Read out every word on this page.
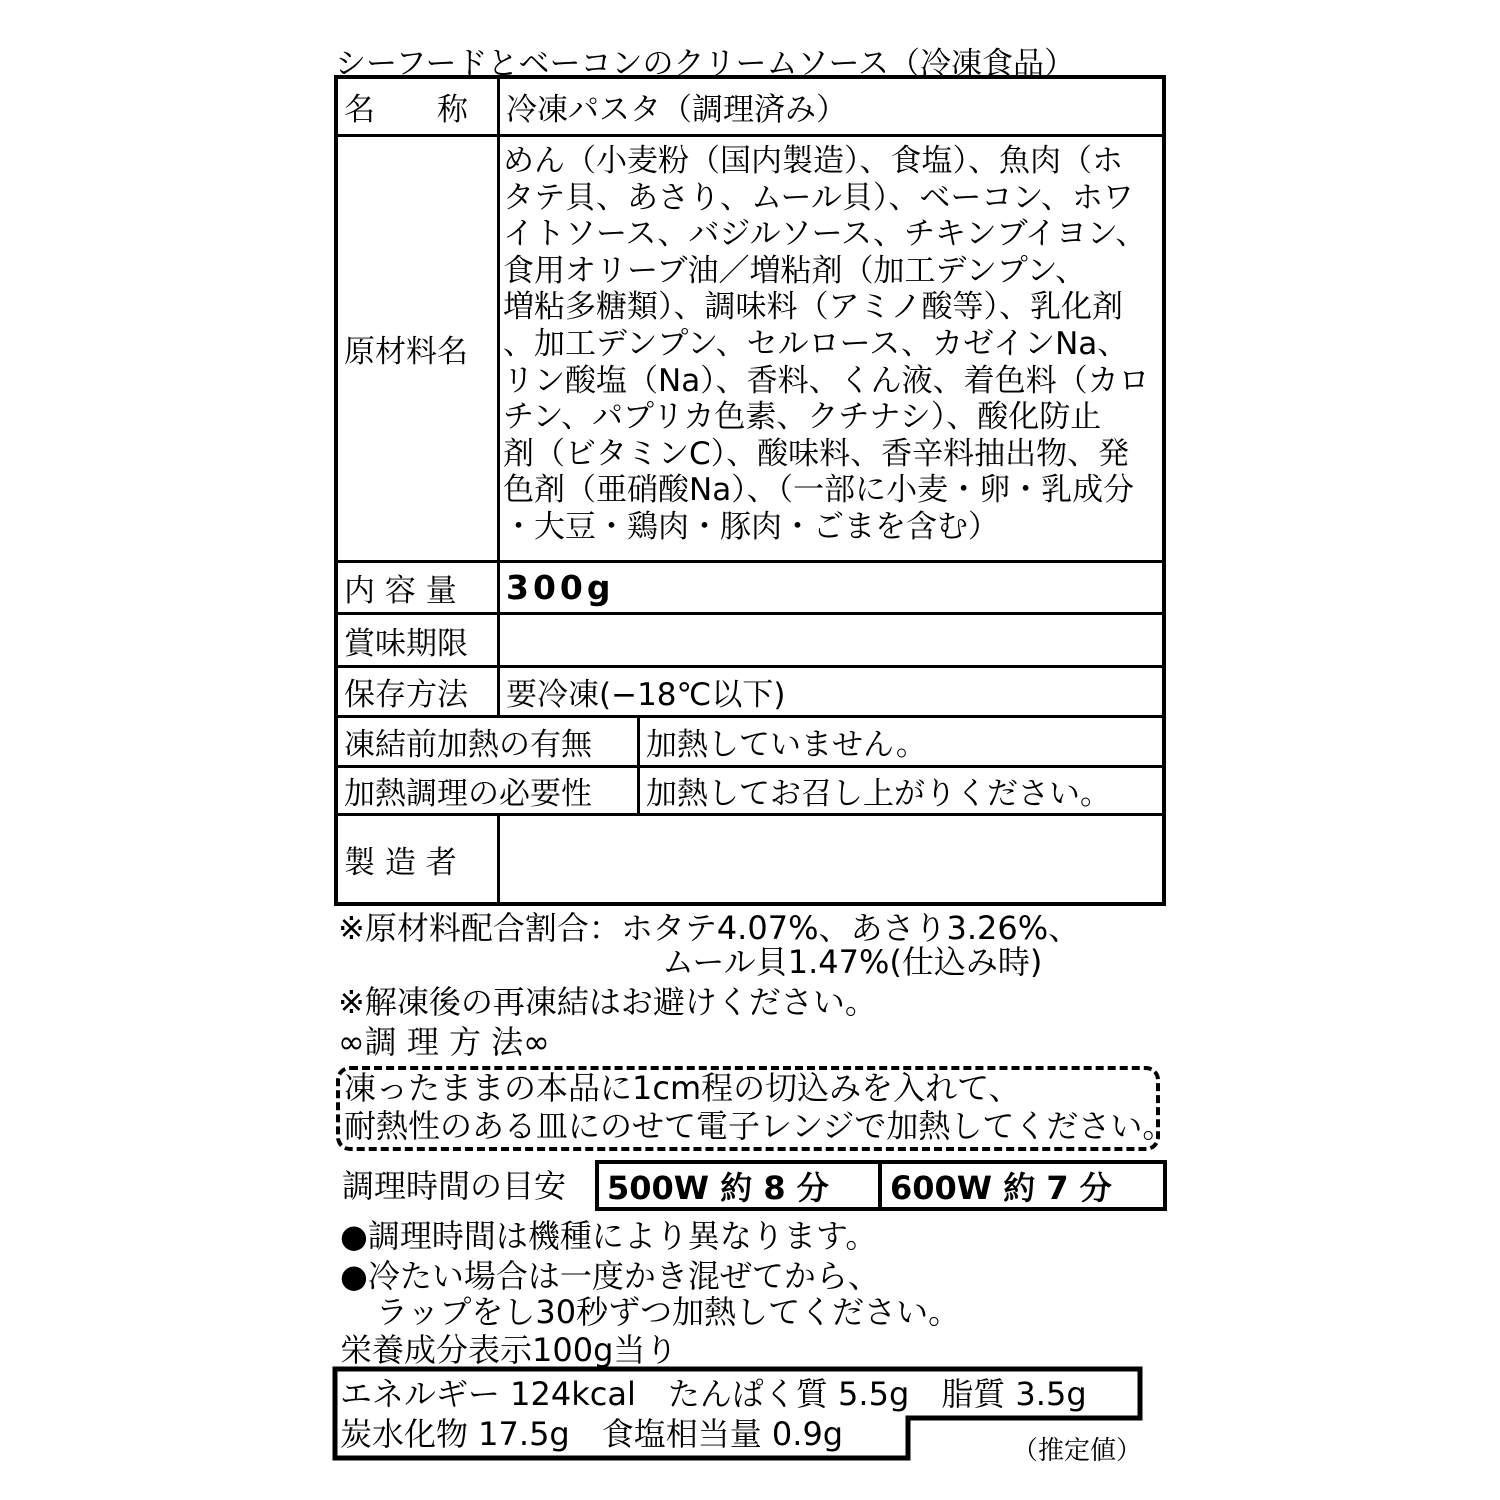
シーフードとベーコンのクリームソース（冷凍食品）
名　　称	冷凍パスタ（調理済み）
原材料名
めん（小麦粉（国内製造）、食塩）、魚肉（ホ
タテ貝、あさり、ムール貝）、ベーコン、ホワ
イトソース、バジルソース、チキンブイヨン、
食用オリーブ油／増粘剤（加工デンプン、
増粘多糖類）、調味料（アミノ酸等）、乳化剤
、加工デンプン、セルロース、カゼインNa、
リン酸塩（Na）、香料、くん液、着色料（カロ
チン、パプリカ色素、クチナシ）、酸化防止
剤（ビタミンC）、酸味料、香辛料抽出物、発
色剤（亜硝酸Na）、（一部に小麦・卵・乳成分
・大豆・鶏肉・豚肉・ごまを含む）
内 容 量	300g
賞味期限
保存方法	要冷凍(−18℃以下)
凍結前加熱の有無	加熱していません。
加熱調理の必要性	加熱してお召し上がりください。
製 造 者
※原材料配合割合：ホタテ4.07%、あさり3.26%、
ムール貝1.47%(仕込み時)
※解凍後の再凍結はお避けください。
∞調 理 方 法∞
凍ったままの本品に1cm程の切込みを入れて、
耐熱性のある皿にのせて電子レンジで加熱してください。
調理時間の目安 500W 約 8 分	600W 約 7 分
●調理時間は機種により異なります。
●冷たい場合は一度かき混ぜてから、
ラップをし30秒ずつ加熱してください。
栄養成分表示100g当り
エネルギー 124kcal　たんぱく質 5.5g　脂質 3.5g
炭水化物 17.5g　食塩相当量 0.9g	（推定値）
